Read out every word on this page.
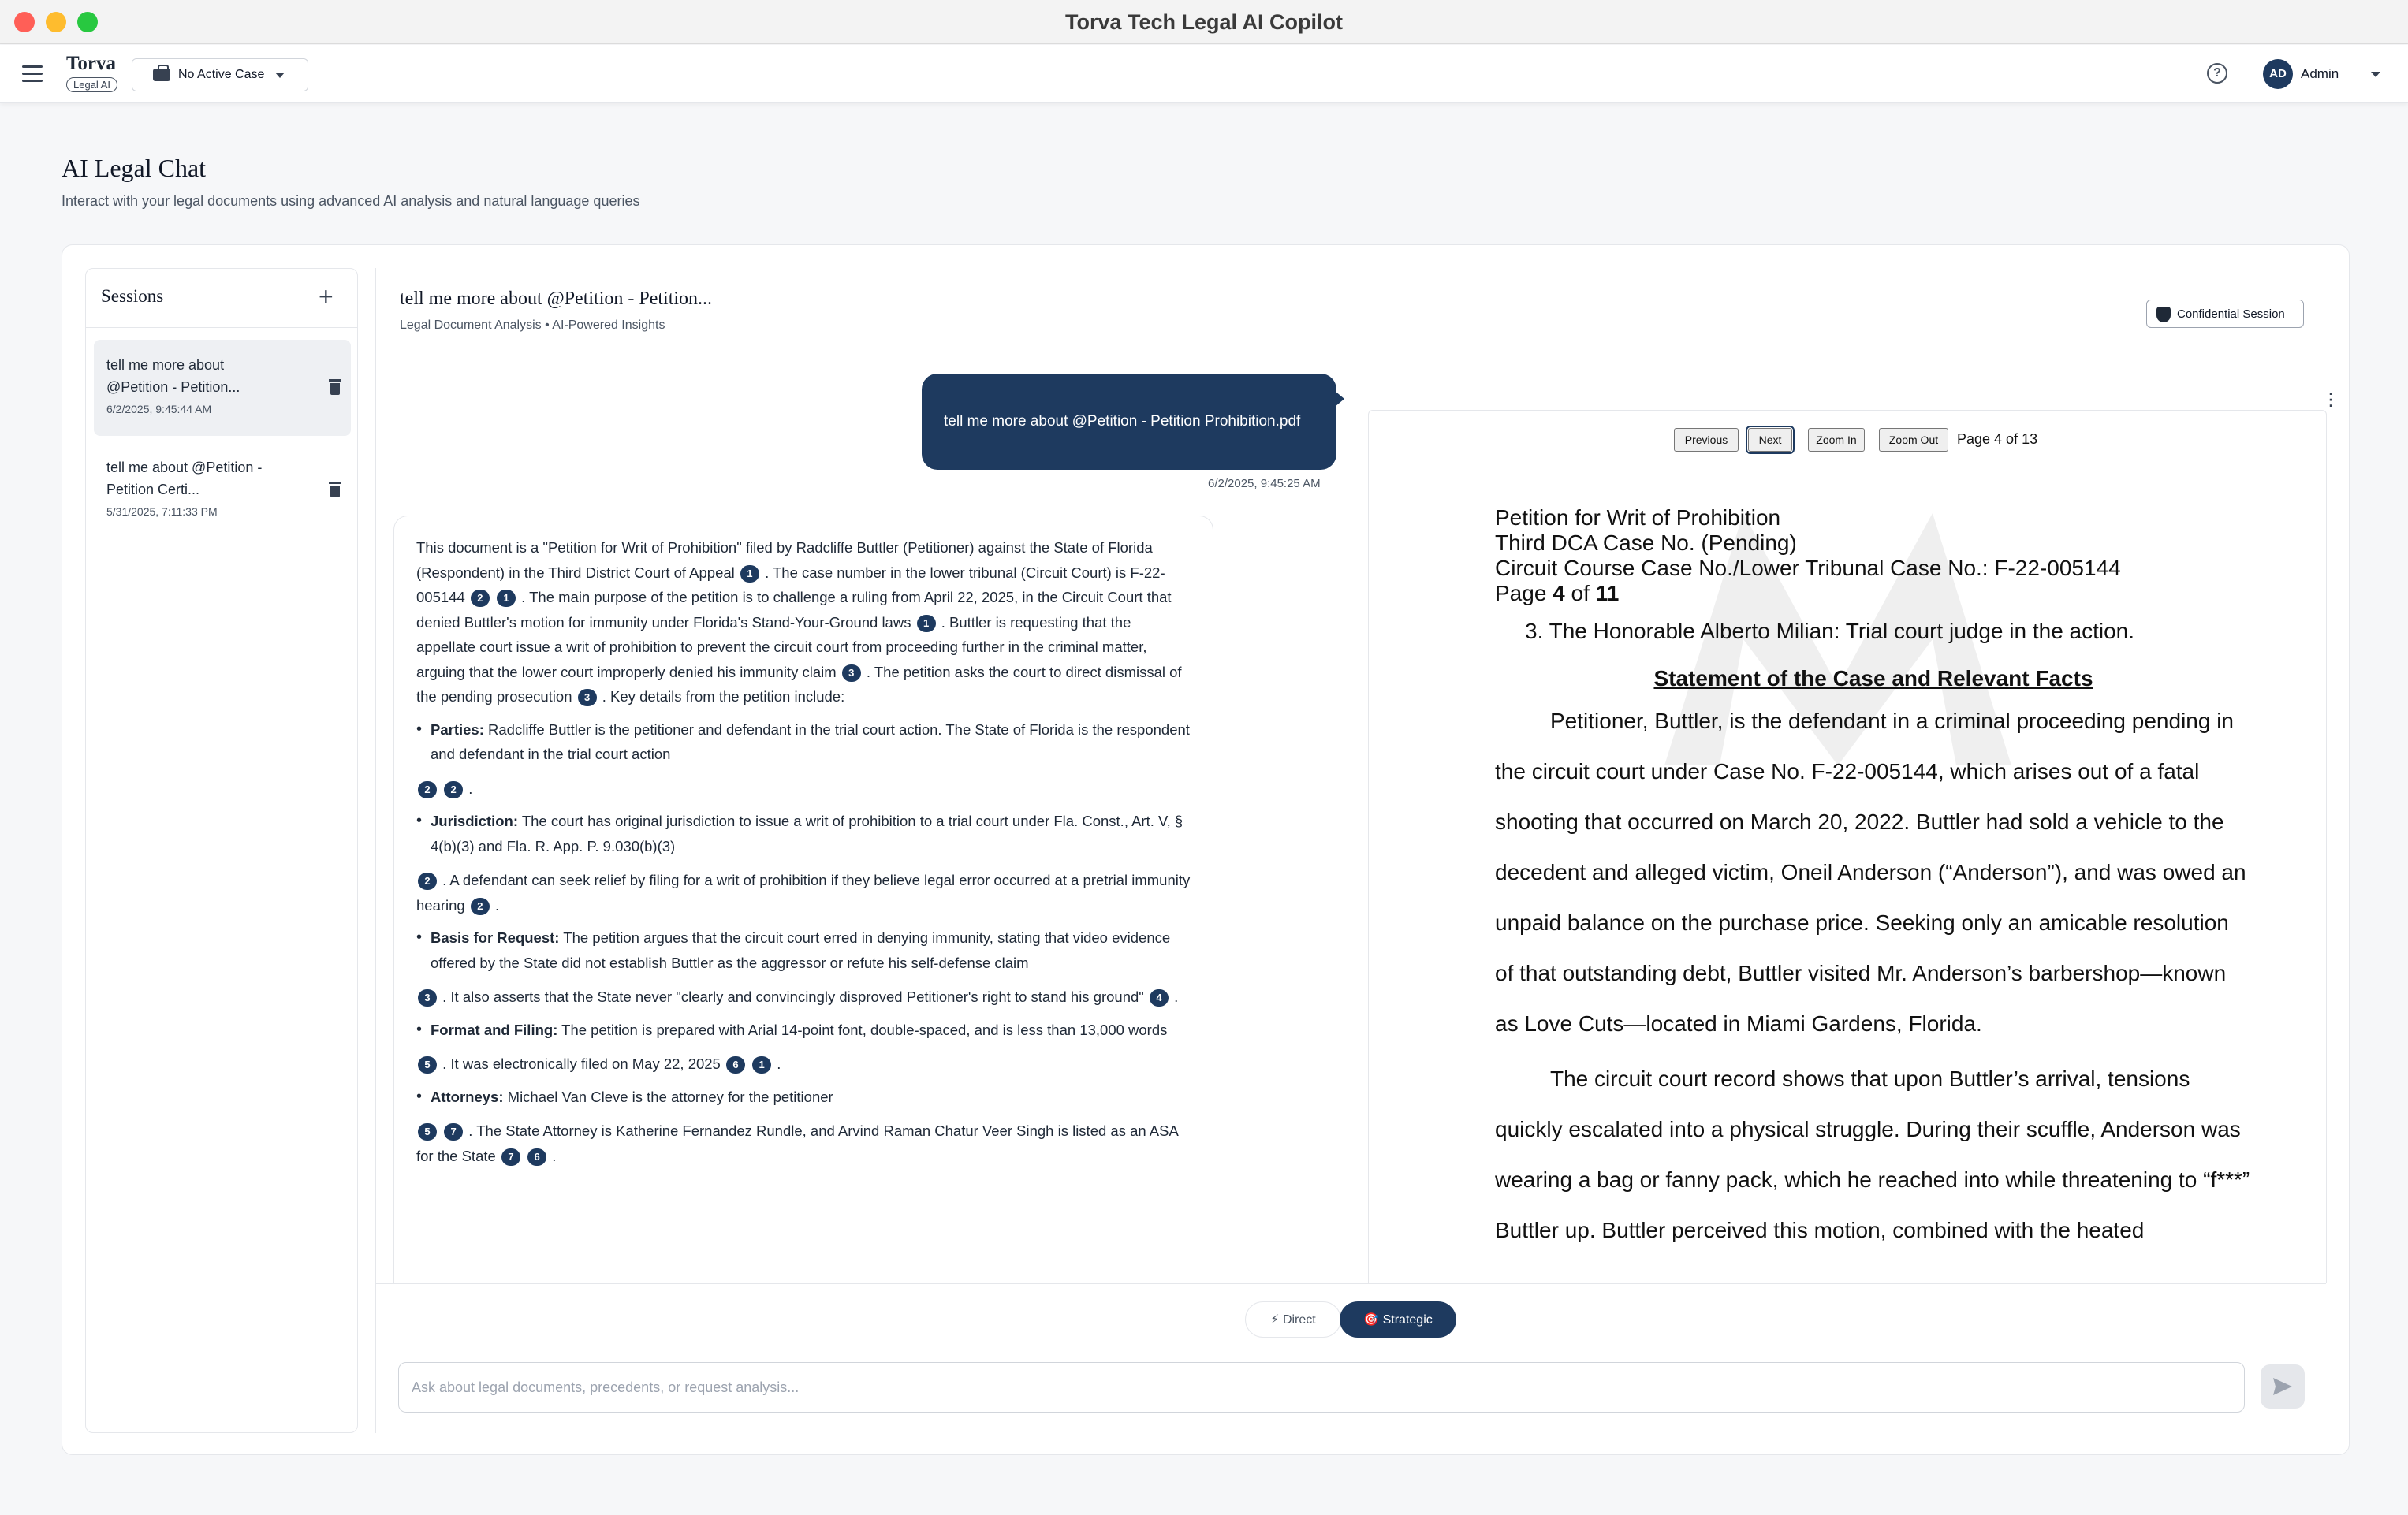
Torva Tech Legal AI Copilot
Torva
Legal AI
No Active Case	?	AD	Admin
AI Legal Chat
Interact with your legal documents using advanced AI analysis and natural language queries
Sessions	+
tell me more about @Petition - Petition...
6/2/2025, 9:45:44 AM
tell me about @Petition - Petition Certi...
5/31/2025, 7:11:33 PM
tell me more about @Petition - Petition...
Legal Document Analysis • AI-Powered Insights
Confidential Session
tell me more about @Petition - Petition Prohibition.pdf
6/2/2025, 9:45:25 AM

This document is a "Petition for Writ of Prohibition" filed by Radcliffe Buttler (Petitioner) against the State of Florida (Respondent) in the Third District Court of Appeal 1 . The case number in the lower tribunal (Circuit Court) is F-22-005144 2 1 . The main purpose of the petition is to challenge a ruling from April 22, 2025, in the Circuit Court that denied Buttler's motion for immunity under Florida's Stand-Your-Ground laws 1 . Buttler is requesting that the appellate court issue a writ of prohibition to prevent the circuit court from proceeding further in the criminal matter, arguing that the lower court improperly denied his immunity claim 3 . The petition asks the court to direct dismissal of the pending prosecution 3 . Key details from the petition include:

• Parties: Radcliffe Buttler is the petitioner and defendant in the trial court action. The State of Florida is the respondent and defendant in the trial court action
2 2 .
• Jurisdiction: The court has original jurisdiction to issue a writ of prohibition to a trial court under Fla. Const., Art. V, § 4(b)(3) and Fla. R. App. P. 9.030(b)(3)
2 . A defendant can seek relief by filing for a writ of prohibition if they believe legal error occurred at a pretrial immunity hearing 2 .
• Basis for Request: The petition argues that the circuit court erred in denying immunity, stating that video evidence offered by the State did not establish Buttler as the aggressor or refute his self-defense claim
3 . It also asserts that the State never "clearly and convincingly disproved Petitioner's right to stand his ground" 4 .
• Format and Filing: The petition is prepared with Arial 14-point font, double-spaced, and is less than 13,000 words
5 . It was electronically filed on May 22, 2025 6 1 .
• Attorneys: Michael Van Cleve is the attorney for the petitioner
5 7 . The State Attorney is Katherine Fernandez Rundle, and Arvind Raman Chatur Veer Singh is listed as an ASA for the State 7 6 .
⋮
Previous	Next	Zoom In	Zoom Out	Page 4 of 13
Petition for Writ of Prohibition
Third DCA Case No. (Pending)
Circuit Course Case No./Lower Tribunal Case No.: F-22-005144
Page 4 of 11
3. The Honorable Alberto Milian: Trial court judge in the action.
Statement of the Case and Relevant Facts
Petitioner, Buttler, is the defendant in a criminal proceeding pending in the circuit court under Case No. F-22-005144, which arises out of a fatal shooting that occurred on March 20, 2022. Buttler had sold a vehicle to the decedent and alleged victim, Oneil Anderson (“Anderson”), and was owed an unpaid balance on the purchase price. Seeking only an amicable resolution of that outstanding debt, Buttler visited Mr. Anderson’s barbershop—known as Love Cuts—located in Miami Gardens, Florida.
The circuit court record shows that upon Buttler’s arrival, tensions quickly escalated into a physical struggle. During their scuffle, Anderson was wearing a bag or fanny pack, which he reached into while threatening to “f***” Buttler up. Buttler perceived this motion, combined with the heated
⚡ Direct	🎯 Strategic
Ask about legal documents, precedents, or request analysis...
